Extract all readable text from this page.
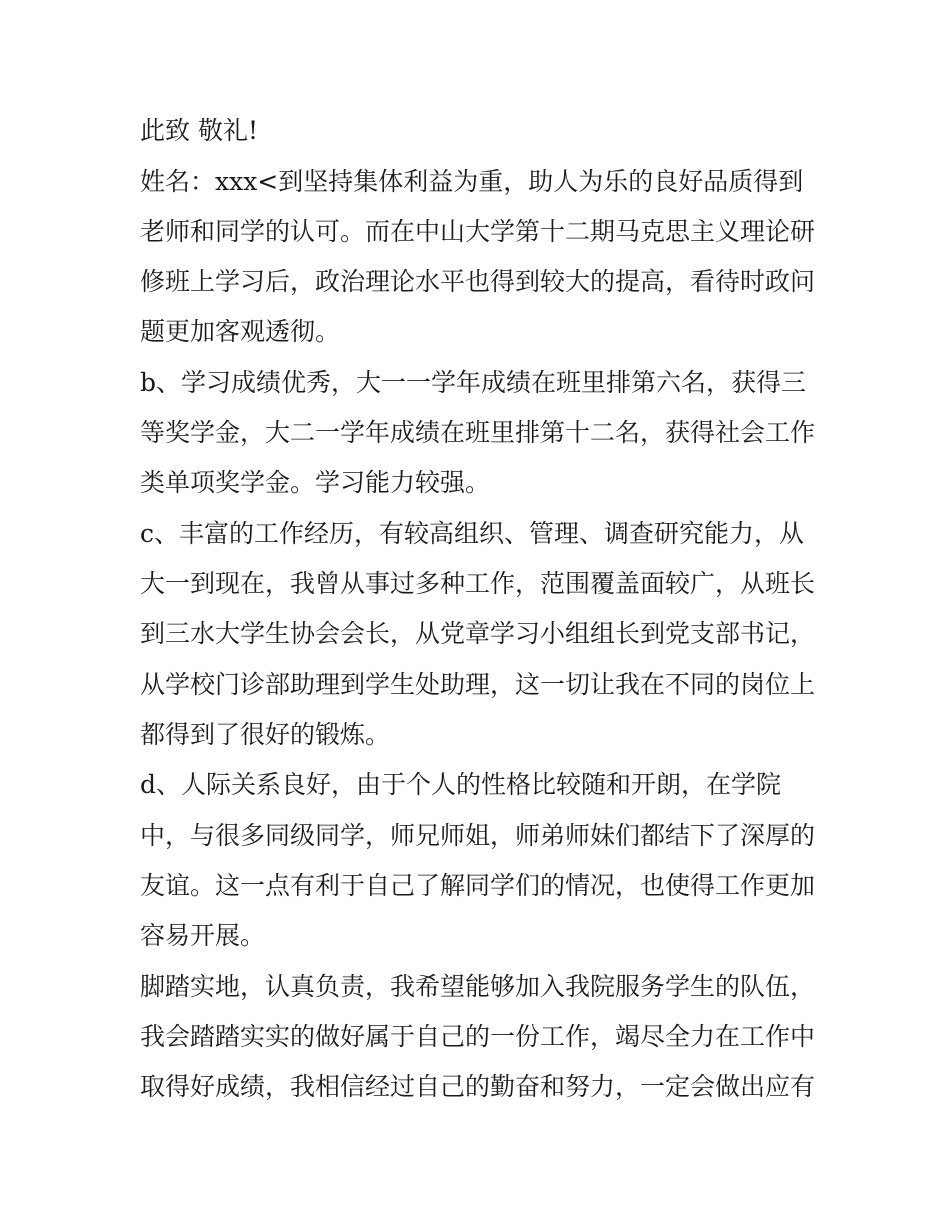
此致 敬礼!
姓名：xxx<到坚持集体利益为重，助人为乐的良好品质得到
老师和同学的认可。而在中山大学第十二期马克思主义理论研
修班上学习后，政治理论水平也得到较大的提高，看待时政问
题更加客观透彻。
b、学习成绩优秀，大一一学年成绩在班里排第六名，获得三
等奖学金，大二一学年成绩在班里排第十二名，获得社会工作
类单项奖学金。学习能力较强。
c、丰富的工作经历，有较高组织、管理、调查研究能力，从
大一到现在，我曾从事过多种工作，范围覆盖面较广，从班长
到三水大学生协会会长，从党章学习小组组长到党支部书记，
从学校门诊部助理到学生处助理，这一切让我在不同的岗位上
都得到了很好的锻炼。
d、人际关系良好，由于个人的性格比较随和开朗，在学院
中，与很多同级同学，师兄师姐，师弟师妹们都结下了深厚的
友谊。这一点有利于自己了解同学们的情况，也使得工作更加
容易开展。
脚踏实地，认真负责，我希望能够加入我院服务学生的队伍，
我会踏踏实实的做好属于自己的一份工作，竭尽全力在工作中
取得好成绩，我相信经过自己的勤奋和努力，一定会做出应有
